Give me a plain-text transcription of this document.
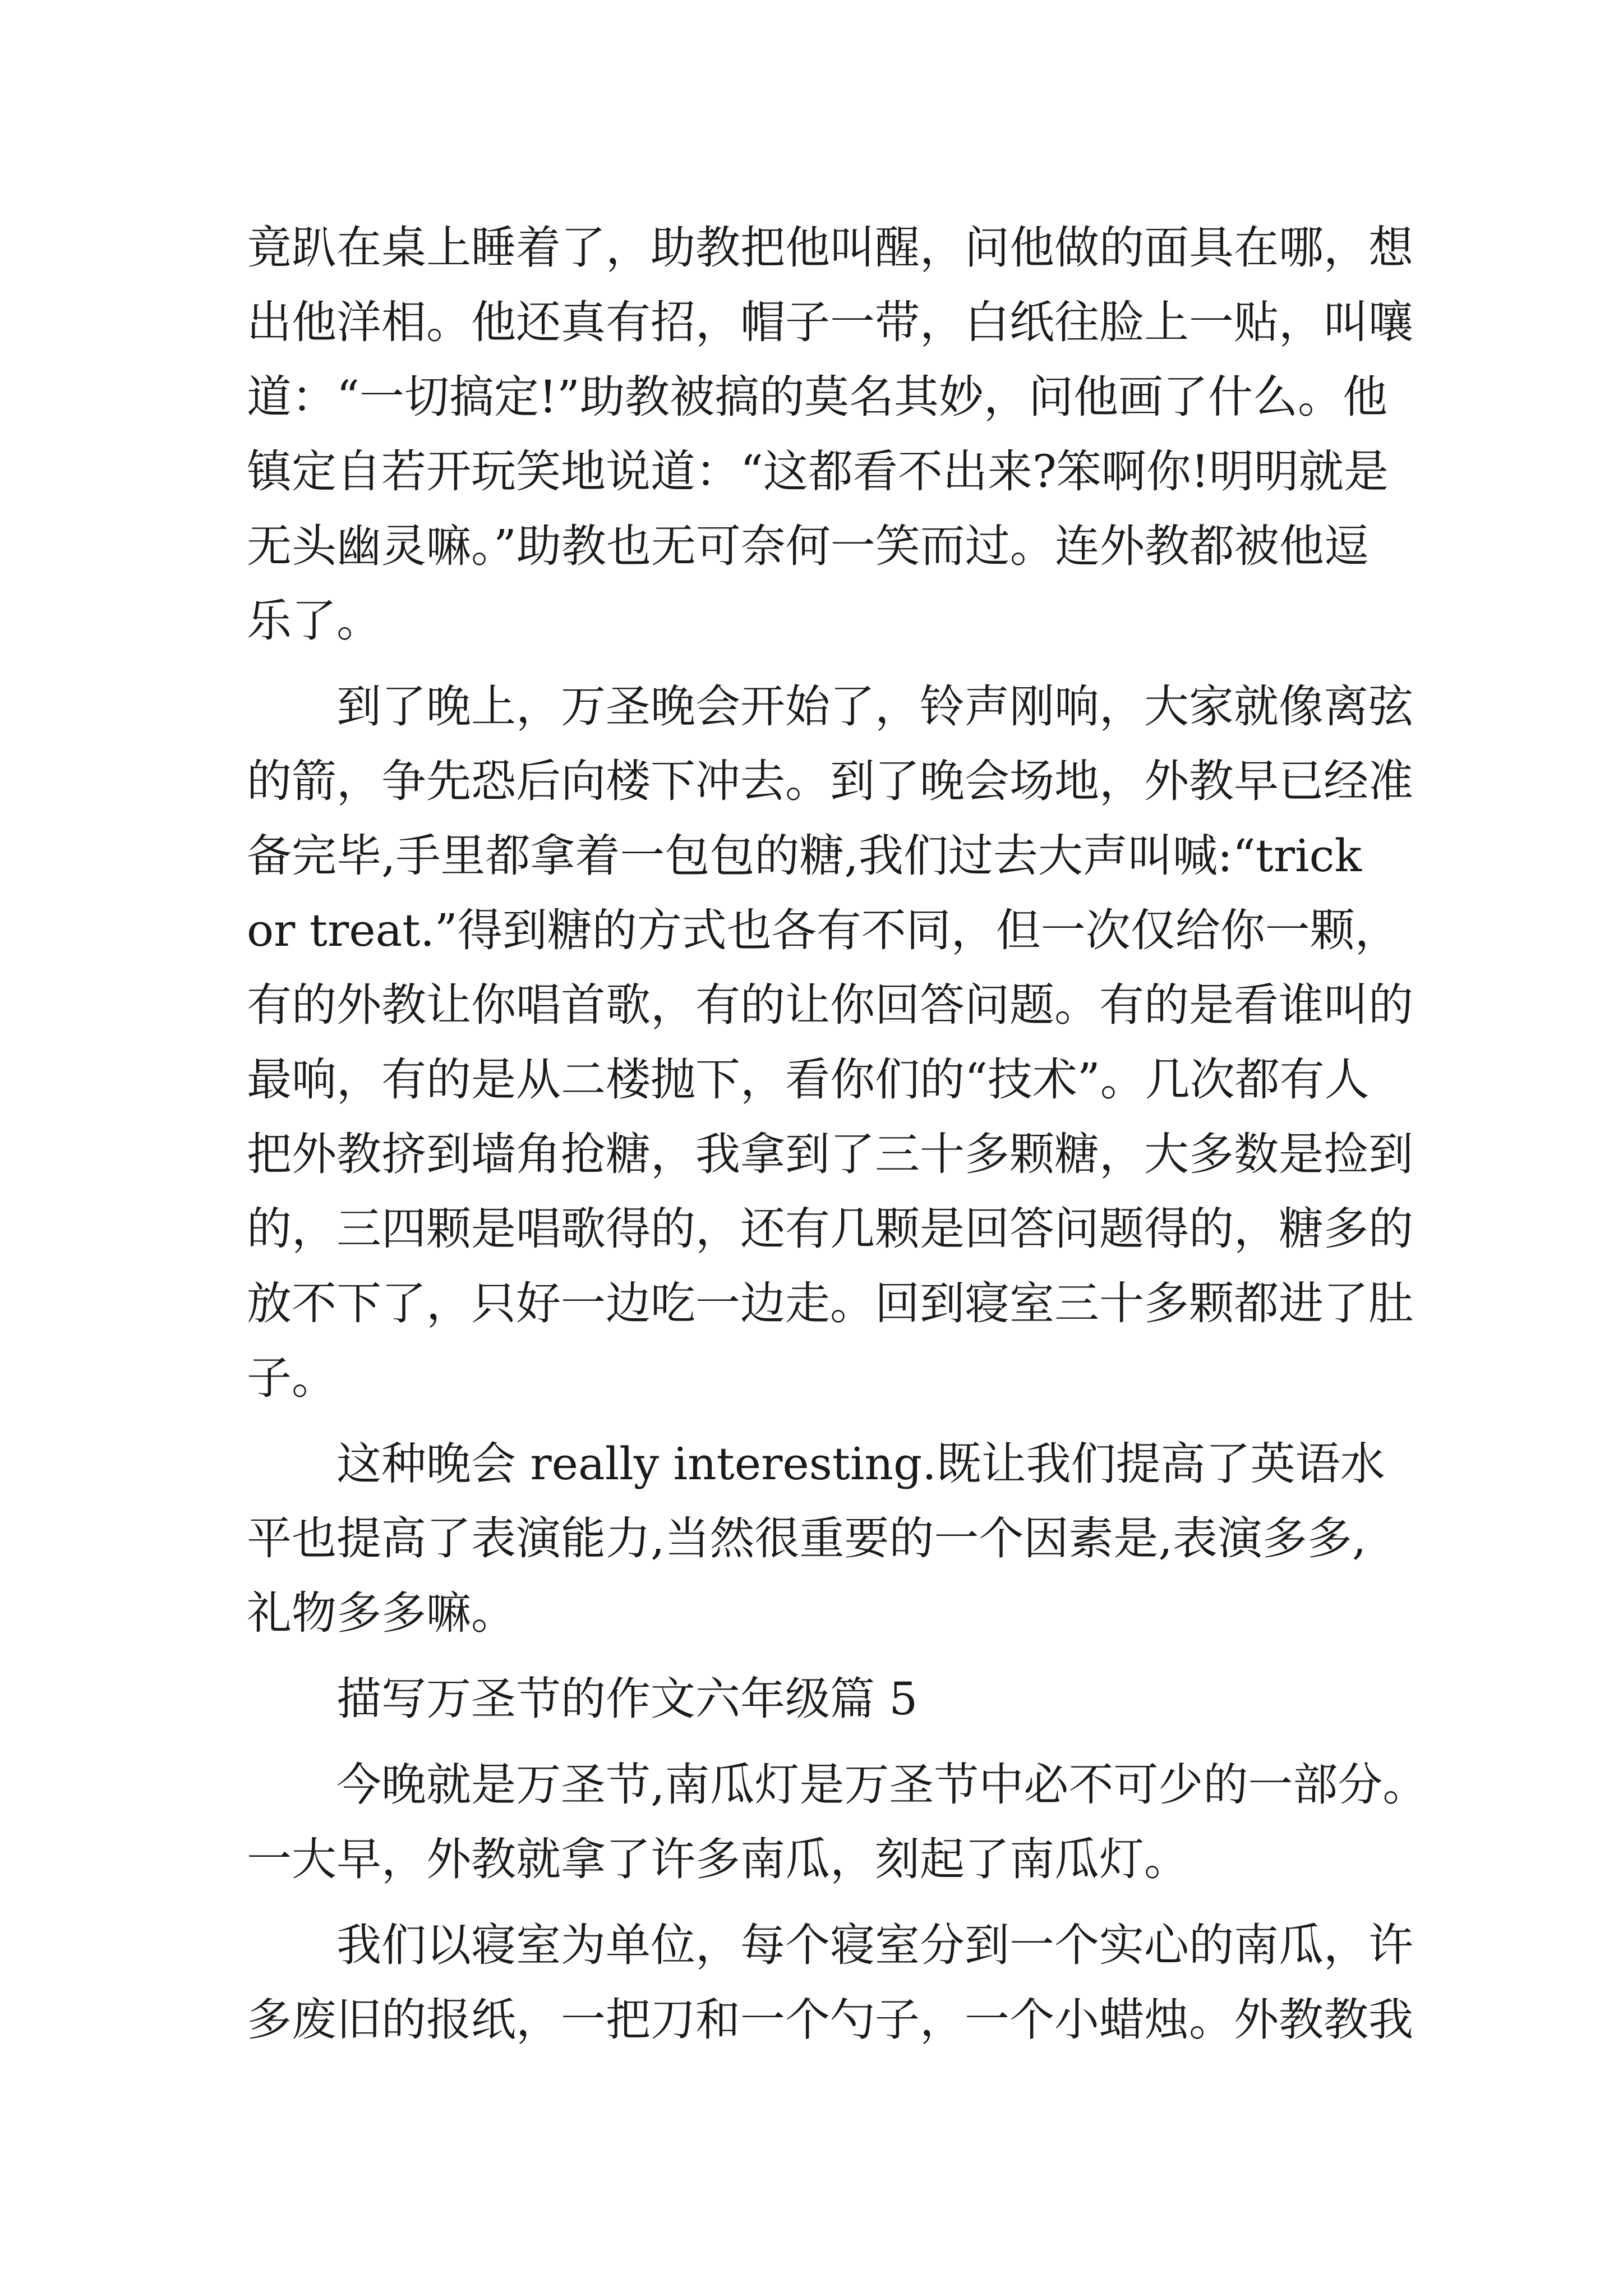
竟趴在桌上睡着了，助教把他叫醒，问他做的面具在哪，想
出他洋相。他还真有招，帽子一带，白纸往脸上一贴，叫嚷
道：“一切搞定!”助教被搞的莫名其妙，问他画了什么。他
镇定自若开玩笑地说道：“这都看不出来?笨啊你!明明就是
无头幽灵嘛。”助教也无可奈何一笑而过。连外教都被他逗
乐了。
到了晚上，万圣晚会开始了，铃声刚响，大家就像离弦
的箭，争先恐后向楼下冲去。到了晚会场地，外教早已经准
备完毕,手里都拿着一包包的糖,我们过去大声叫喊:“trick
or treat.”得到糖的方式也各有不同，但一次仅给你一颗，
有的外教让你唱首歌，有的让你回答问题。有的是看谁叫的
最响，有的是从二楼抛下，看你们的“技术”。几次都有人
把外教挤到墙角抢糖，我拿到了三十多颗糖，大多数是捡到
的，三四颗是唱歌得的，还有几颗是回答问题得的，糖多的
放不下了，只好一边吃一边走。回到寝室三十多颗都进了肚
子。
这种晚会 really interesting.既让我们提高了英语水
平也提高了表演能力,当然很重要的一个因素是,表演多多,
礼物多多嘛。
描写万圣节的作文六年级篇 5
今晚就是万圣节,南瓜灯是万圣节中必不可少的一部分。
一大早，外教就拿了许多南瓜，刻起了南瓜灯。
我们以寝室为单位，每个寝室分到一个实心的南瓜，许
多废旧的报纸，一把刀和一个勺子，一个小蜡烛。外教教我
